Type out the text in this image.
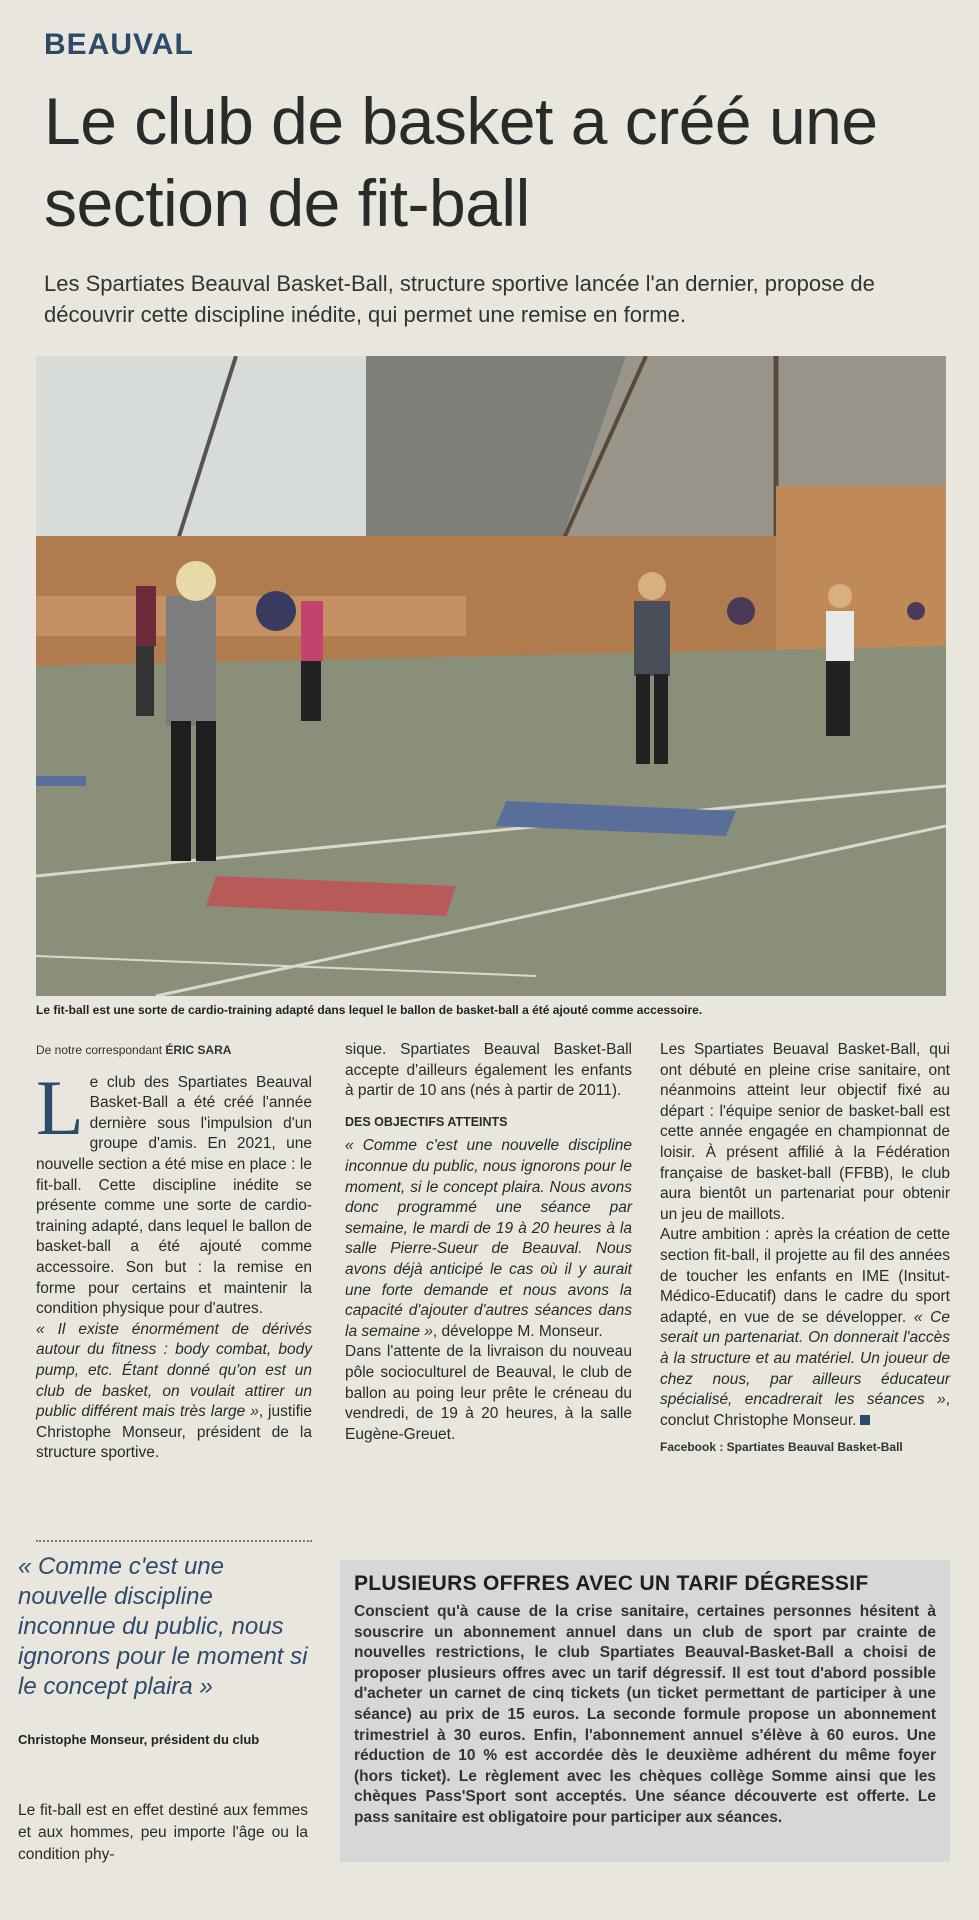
BEAUVAL
Le club de basket a créé une section de fit-ball
Les Spartiates Beauval Basket-Ball, structure sportive lancée l'an dernier, propose de découvrir cette discipline inédite, qui permet une remise en forme.
Le fit-ball est une sorte de cardio-training adapté dans lequel le ballon de basket-ball a été ajouté comme accessoire.
De notre correspondant ÉRIC SARA

L e club des Spartiates Beauval Basket-Ball a été créé l'année dernière sous l'impulsion d'un groupe d'amis. En 2021, une nouvelle section a été mise en place : le fit-ball. Cette discipline inédite se présente comme une sorte de cardio-training adapté, dans lequel le ballon de basket-ball a été ajouté comme accessoire. Son but : la remise en forme pour certains et maintenir la condition physique pour d'autres.

« Il existe énormément de dérivés autour du fitness : body combat, body pump, etc. Étant donné qu'on est un club de basket, on voulait attirer un public différent mais très large », justifie Christophe Monseur, président de la structure sportive.

sique. Spartiates Beauval Basket-Ball accepte d'ailleurs également les enfants à partir de 10 ans (nés à partir de 2011).

DES OBJECTIFS ATTEINTS

« Comme c'est une nouvelle discipline inconnue du public, nous ignorons pour le moment, si le concept plaira. Nous avons donc programmé une séance par semaine, le mardi de 19 à 20 heures à la salle Pierre-Sueur de Beauval. Nous avons déjà anticipé le cas où il y aurait une forte demande et nous avons la capacité d'ajouter d'autres séances dans la semaine », développe M. Monseur.

Dans l'attente de la livraison du nouveau pôle socioculturel de Beauval, le club de ballon au poing leur prête le créneau du vendredi, de 19 à 20 heures, à la salle Eugène-Greuet.

Les Spartiates Beuaval Basket-Ball, qui ont débuté en pleine crise sanitaire, ont néanmoins atteint leur objectif fixé au départ : l'équipe senior de basket-ball est cette année engagée en championnat de loisir. À présent affilié à la Fédération française de basket-ball (FFBB), le club aura bientôt un partenariat pour obtenir un jeu de maillots.

Autre ambition : après la création de cette section fit-ball, il projette au fil des années de toucher les enfants en IME (Insitut-Médico-Educatif) dans le cadre du sport adapté, en vue de se développer. « Ce serait un partenariat. On donnerait l'accès à la structure et au matériel. Un joueur de chez nous, par ailleurs éducateur spécialisé, encadrerait les séances », conclut Christophe Monseur.

Facebook : Spartiates Beauval Basket-Ball
« Comme c'est une nouvelle discipline inconnue du public, nous ignorons pour le moment si le concept plaira »
Christophe Monseur, président du club
Le fit-ball est en effet destiné aux femmes et aux hommes, peu importe l'âge ou la condition phy-
PLUSIEURS OFFRES AVEC UN TARIF DÉGRESSIF
Conscient qu'à cause de la crise sanitaire, certaines personnes hésitent à souscrire un abonnement annuel dans un club de sport par crainte de nouvelles restrictions, le club Spartiates Beauval-Basket-Ball a choisi de proposer plusieurs offres avec un tarif dégressif. Il est tout d'abord possible d'acheter un carnet de cinq tickets (un ticket permettant de participer à une séance) au prix de 15 euros. La seconde formule propose un abonnement trimestriel à 30 euros. Enfin, l'abonnement annuel s'élève à 60 euros. Une réduction de 10 % est accordée dès le deuxième adhérent du même foyer (hors ticket). Le règlement avec les chèques collège Somme ainsi que les chèques Pass'Sport sont acceptés. Une séance découverte est offerte. Le pass sanitaire est obligatoire pour participer aux séances.
